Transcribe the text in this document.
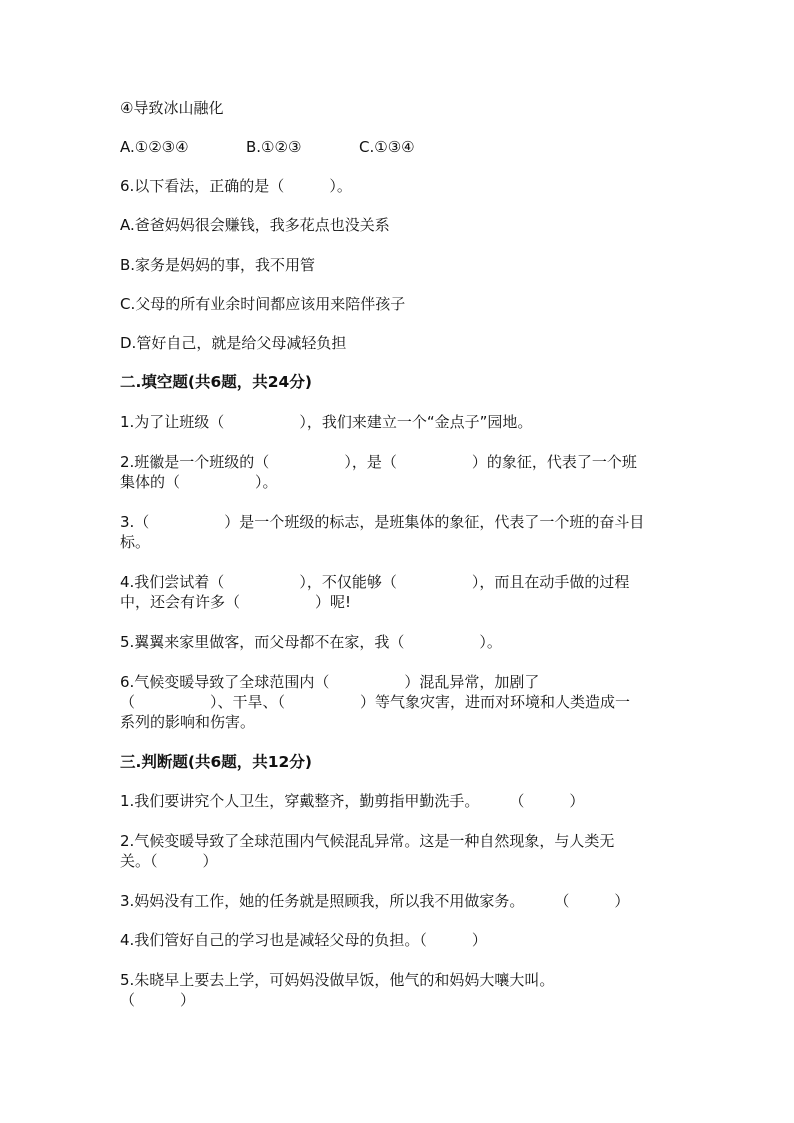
④导致冰山融化
A.①②③④	B.①②③	C.①③④
6.以下看法，正确的是（　　　）。
A.爸爸妈妈很会赚钱，我多花点也没关系
B.家务是妈妈的事，我不用管
C.父母的所有业余时间都应该用来陪伴孩子
D.管好自己，就是给父母减轻负担
二.填空题(共6题，共24分)
1.为了让班级（　　　　　），我们来建立一个“金点子”园地。
2.班徽是一个班级的（　　　　　），是（　　　　　）的象征，代表了一个班
集体的（　　　　　）。
3.（　　　　　）是一个班级的标志，是班集体的象征，代表了一个班的奋斗目
标。
4.我们尝试着（　　　　　），不仅能够（　　　　　），而且在动手做的过程
中，还会有许多（　　　　　）呢!
5.翼翼来家里做客，而父母都不在家，我（　　　　　）。
6.气候变暖导致了全球范围内（　　　　　）混乱异常，加剧了
（　　　　　）、干旱、（　　　　　）等气象灾害，进而对环境和人类造成一
系列的影响和伤害。
三.判断题(共6题，共12分)
1.我们要讲究个人卫生，穿戴整齐，勤剪指甲勤洗手。　　　（　　　）
2.气候变暖导致了全球范围内气候混乱异常。这是一种自然现象，与人类无
关。（　　　）
3.妈妈没有工作，她的任务就是照顾我，所以我不用做家务。　　　（　　　）
4.我们管好自己的学习也是减轻父母的负担。（　　　）
5.朱晓早上要去上学，可妈妈没做早饭，他气的和妈妈大嚷大叫。
（　　　）
